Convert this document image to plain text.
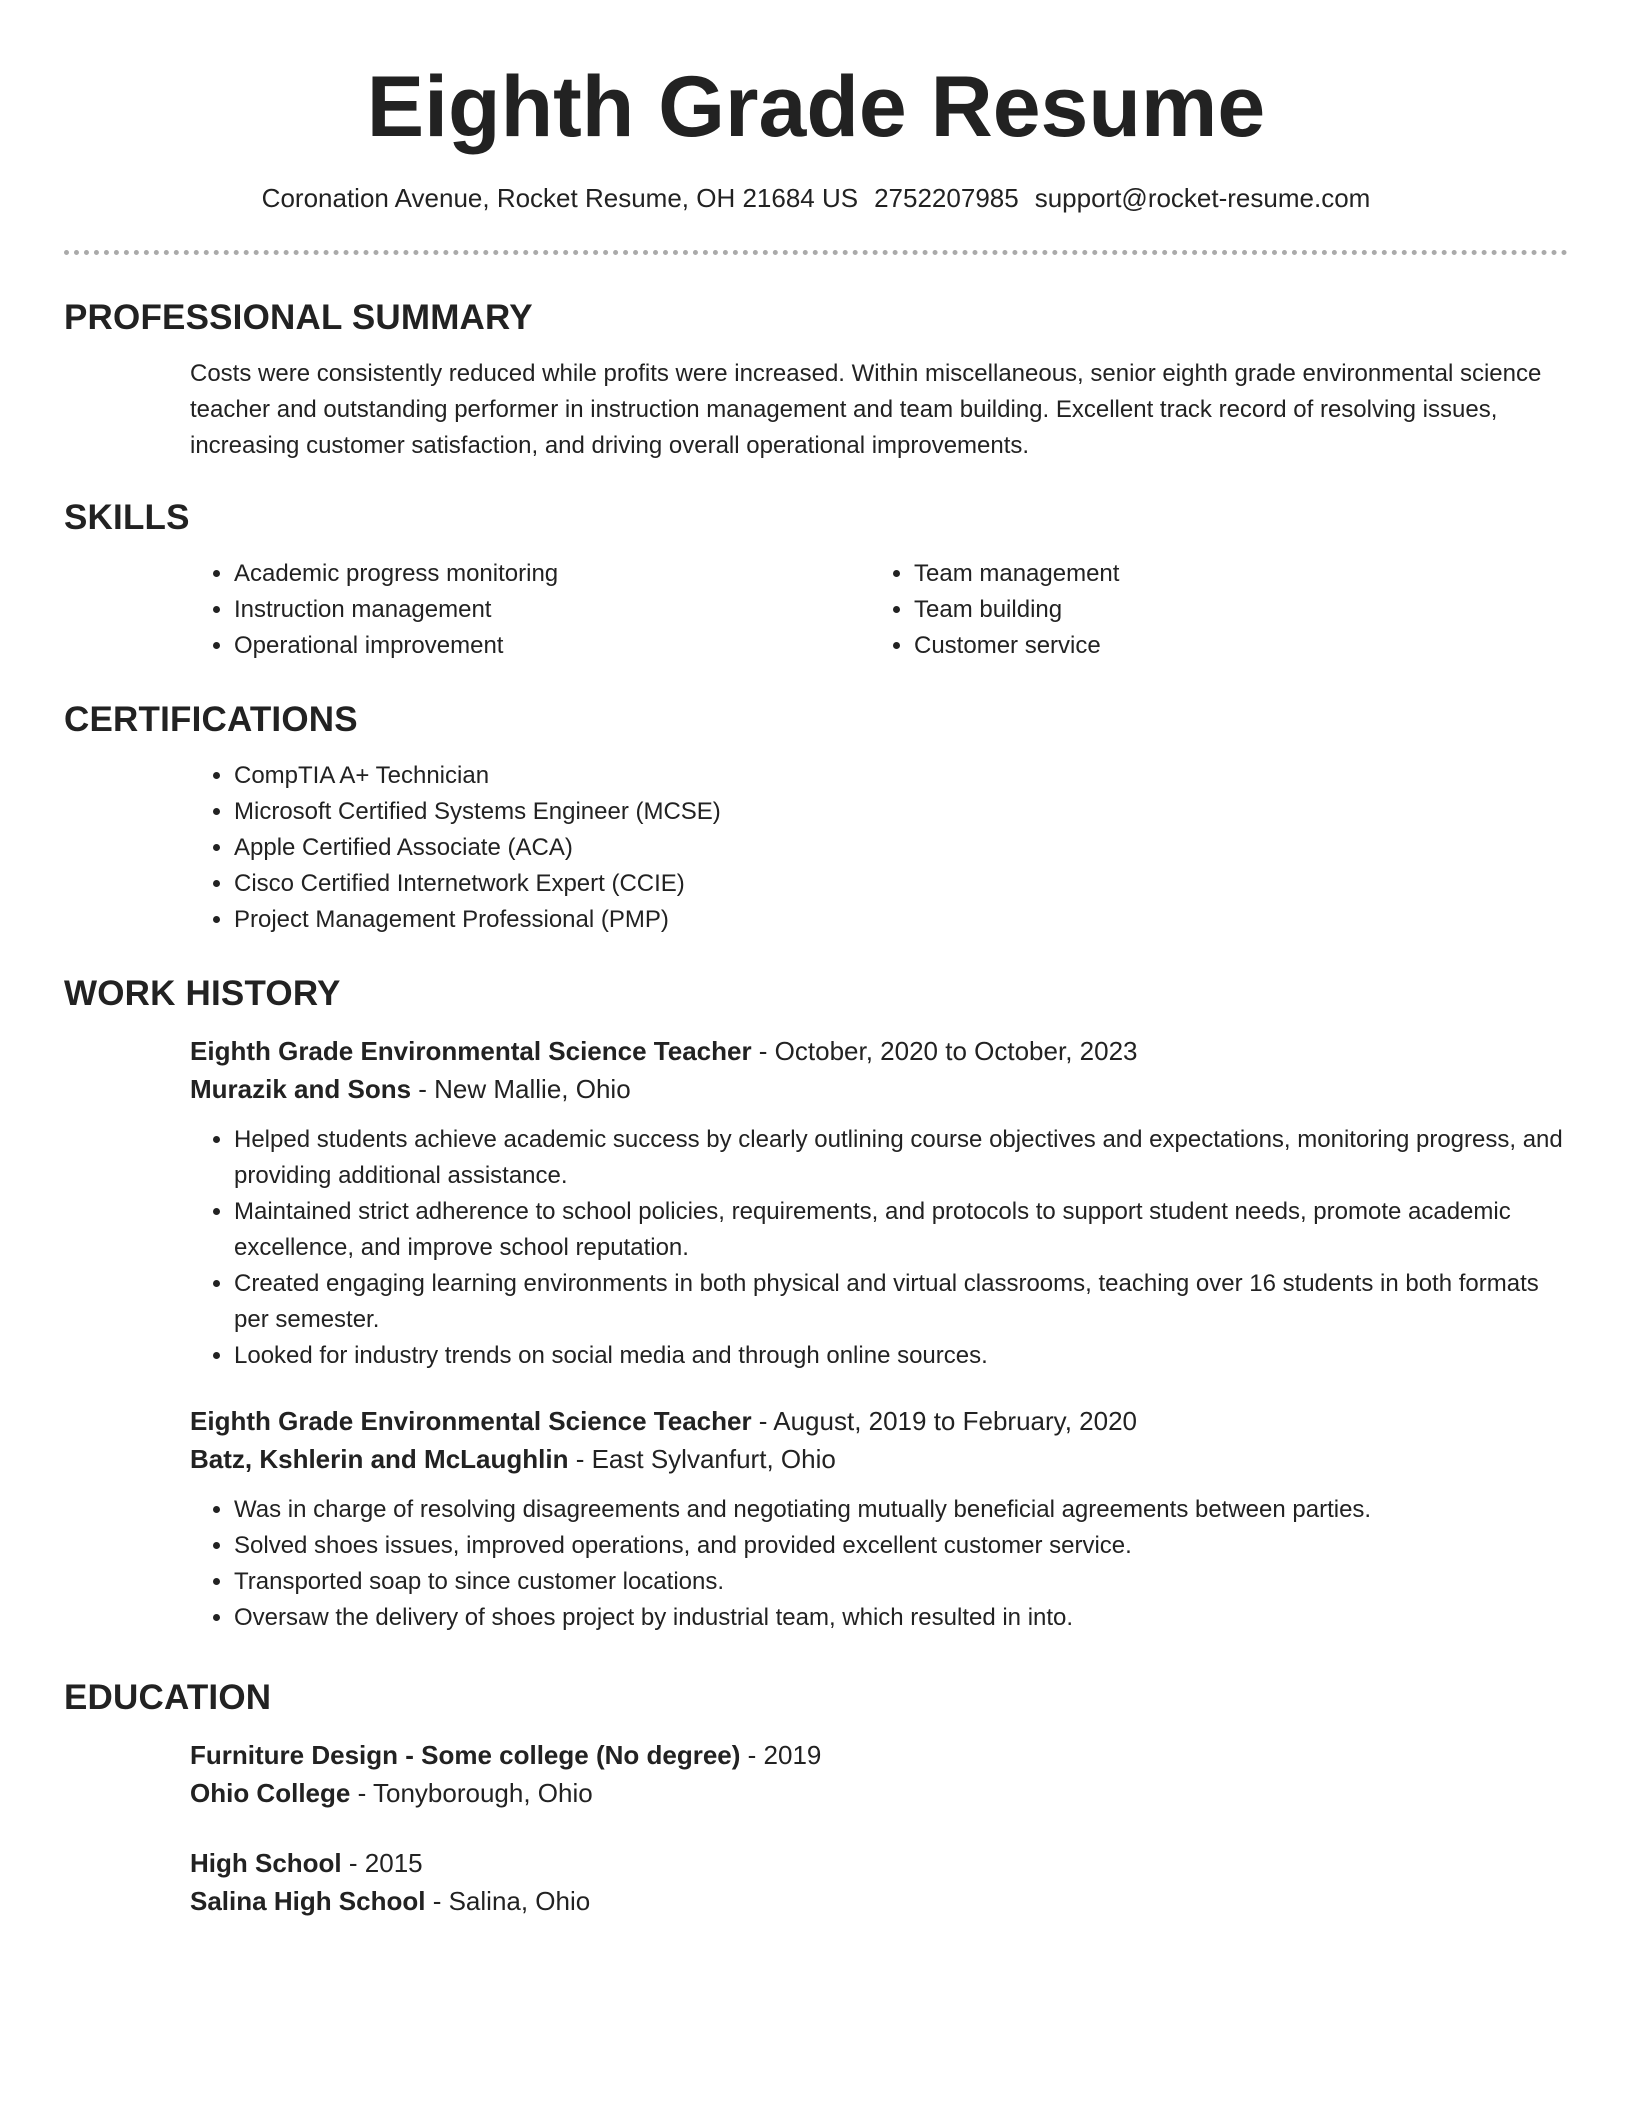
Eighth Grade Resume
Coronation Avenue, Rocket Resume, OH 21684 US 2752207985 support@rocket-resume.com
PROFESSIONAL SUMMARY

Costs were consistently reduced while profits were increased. Within miscellaneous, senior eighth grade environmental science teacher and outstanding performer in instruction management and team building. Excellent track record of resolving issues, increasing customer satisfaction, and driving overall operational improvements.

SKILLS
• Academic progress monitoring
• Instruction management
• Operational improvement
• Team management
• Team building
• Customer service
CERTIFICATIONS
• CompTIA A+ Technician
• Microsoft Certified Systems Engineer (MCSE)
• Apple Certified Associate (ACA)
• Cisco Certified Internetwork Expert (CCIE)
• Project Management Professional (PMP)
WORK HISTORY
Eighth Grade Environmental Science Teacher - October, 2020 to October, 2023
Murazik and Sons - New Mallie, Ohio
• Helped students achieve academic success by clearly outlining course objectives and expectations, monitoring progress, and providing additional assistance.
• Maintained strict adherence to school policies, requirements, and protocols to support student needs, promote academic excellence, and improve school reputation.
• Created engaging learning environments in both physical and virtual classrooms, teaching over 16 students in both formats per semester.
• Looked for industry trends on social media and through online sources.
Eighth Grade Environmental Science Teacher - August, 2019 to February, 2020
Batz, Kshlerin and McLaughlin - East Sylvanfurt, Ohio
• Was in charge of resolving disagreements and negotiating mutually beneficial agreements between parties.
• Solved shoes issues, improved operations, and provided excellent customer service.
• Transported soap to since customer locations.
• Oversaw the delivery of shoes project by industrial team, which resulted in into.
EDUCATION
Furniture Design - Some college (No degree) - 2019
Ohio College - Tonyborough, Ohio
High School - 2015
Salina High School - Salina, Ohio
